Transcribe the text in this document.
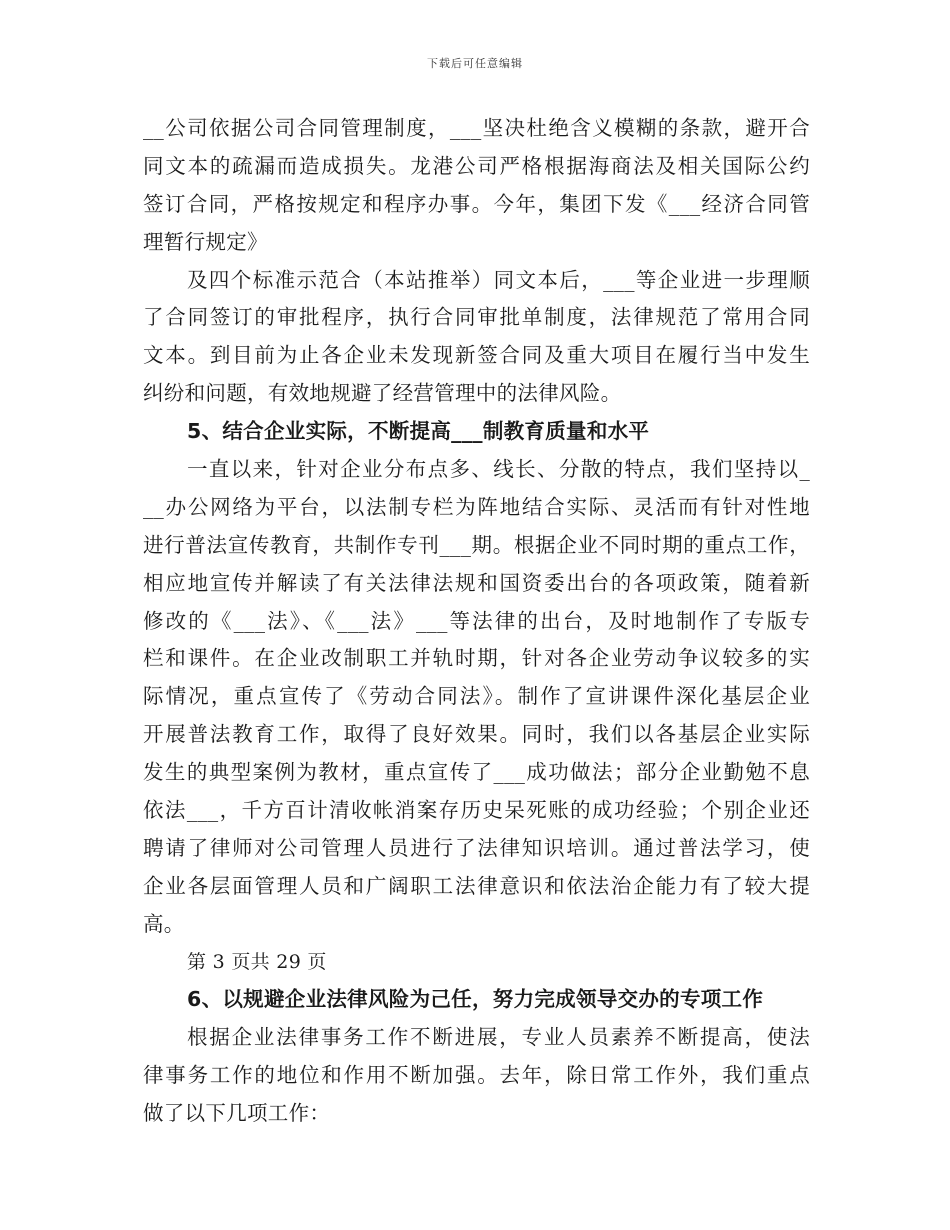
下载后可任意编辑
__公司依据公司合同管理制度，___坚决杜绝含义模糊的条款，避开合
同文本的疏漏而造成损失。龙港公司严格根据海商法及相关国际公约
签订合同，严格按规定和程序办事。今年，集团下发《___经济合同管
理暂行规定》
及四个标准示范合（本站推举）同文本后，___等企业进一步理顺
了合同签订的审批程序，执行合同审批单制度，法律规范了常用合同
文本。到目前为止各企业未发现新签合同及重大项目在履行当中发生
纠纷和问题，有效地规避了经营管理中的法律风险。
5、结合企业实际，不断提高___制教育质量和水平
一直以来，针对企业分布点多、线长、分散的特点，我们坚持以_
__办公网络为平台，以法制专栏为阵地结合实际、灵活而有针对性地
进行普法宣传教育，共制作专刊___期。根据企业不同时期的重点工作，
相应地宣传并解读了有关法律法规和国资委出台的各项政策，随着新
修改的《___法》、《___法》___等法律的出台，及时地制作了专版专
栏和课件。在企业改制职工并轨时期，针对各企业劳动争议较多的实
际情况，重点宣传了《劳动合同法》。制作了宣讲课件深化基层企业
开展普法教育工作，取得了良好效果。同时，我们以各基层企业实际
发生的典型案例为教材，重点宣传了___成功做法；部分企业勤勉不息
依法___，千方百计清收帐消案存历史呆死账的成功经验；个别企业还
聘请了律师对公司管理人员进行了法律知识培训。通过普法学习，使
企业各层面管理人员和广阔职工法律意识和依法治企能力有了较大提
高。
第 3 页共 29 页
6、以规避企业法律风险为己任，努力完成领导交办的专项工作
根据企业法律事务工作不断进展，专业人员素养不断提高，使法
律事务工作的地位和作用不断加强。去年，除日常工作外，我们重点
做了以下几项工作：
